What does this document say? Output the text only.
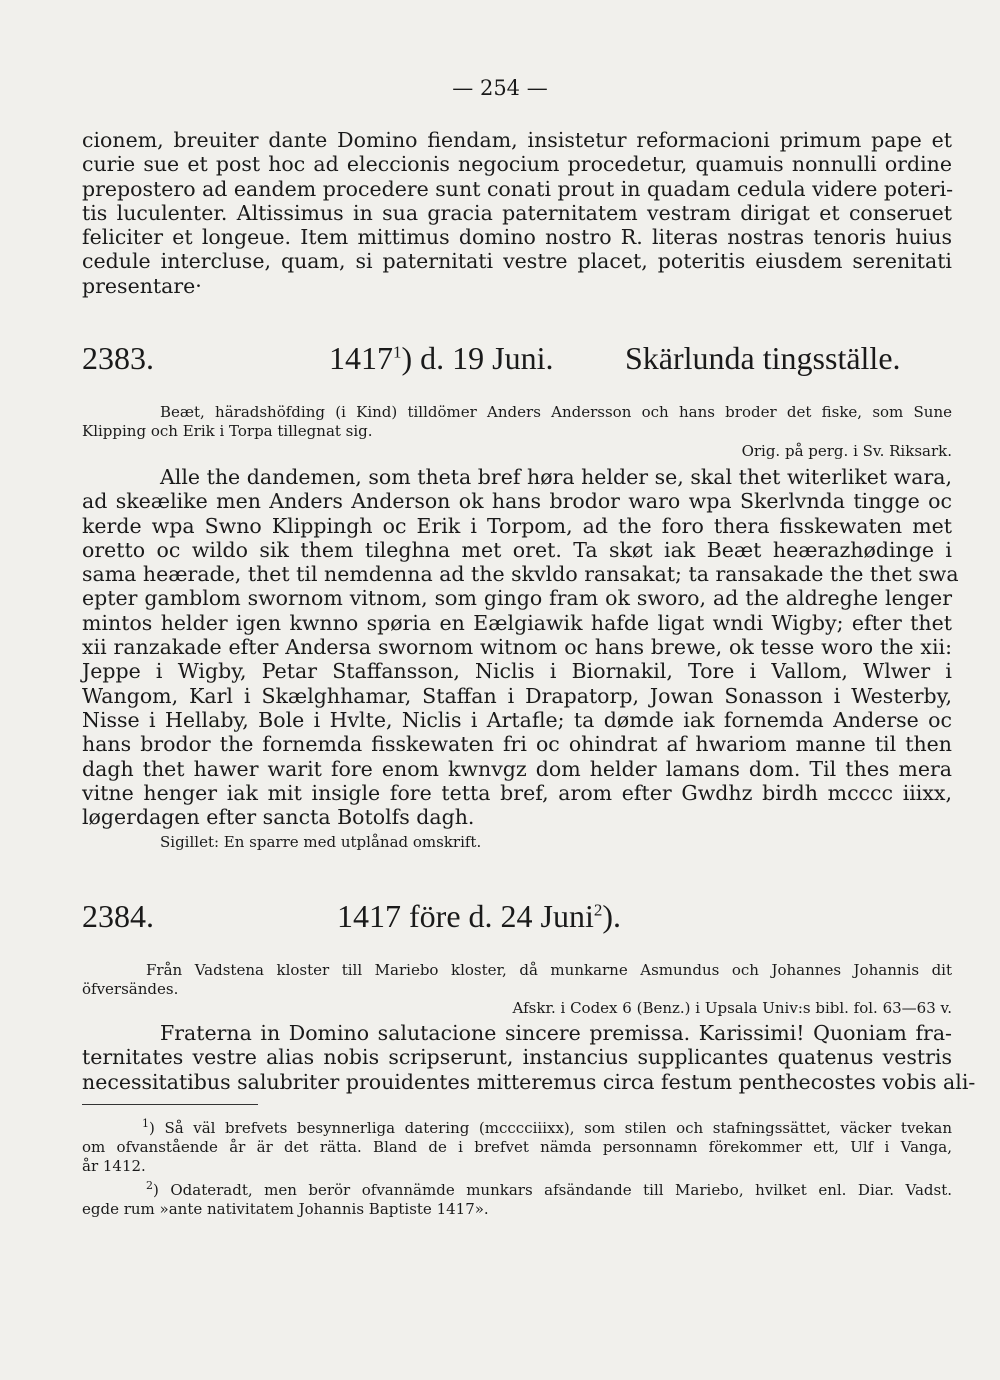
— 254 —
cionem, breuiter dante Domino fiendam, insistetur reformacioni primum pape et
curie sue et post hoc ad eleccionis negocium procedetur, quamuis nonnulli ordine
prepostero ad eandem procedere sunt conati prout in quadam cedula videre poteri-
tis luculenter. Altissimus in sua gracia paternitatem vestram dirigat et conseruet
feliciter et longeue. Item mittimus domino nostro R. literas nostras tenoris huius
cedule intercluse, quam, si paternitati vestre placet, poteritis eiusdem serenitati
presentare·
2383.	1417$^1$) d. 19 Juni. Skärlunda tingsställe.
Beæt, häradshöfding (i Kind) tilldömer Anders Andersson och hans broder det fiske, som Sune
Klipping och Erik i Torpa tillegnat sig.
Orig. på perg. i Sv. Riksark.
Alle the dandemen, som theta bref høra helder se, skal thet witerliket wara,
ad skeælike men Anders Anderson ok hans brodor waro wpa Skerlvnda tingge oc
kerde wpa Swno Klippingh oc Erik i Torpom, ad the foro thera fisskewaten met
oretto oc wildo sik them tileghna met oret. Ta skøt iak Beæt heærazhødinge i
sama heærade, thet til nemdenna ad the skvldo ransakat; ta ransakade the thet swa
epter gamblom swornom vitnom, som gingo fram ok sworo, ad the aldreghe lenger
mintos helder igen kwnno spøria en Eælgiawik hafde ligat wndi Wigby; efter thet
xii ranzakade efter Andersa swornom witnom oc hans brewe, ok tesse woro the xii:
Jeppe i Wigby, Petar Staffansson, Niclis i Biornakil, Tore i Vallom, Wlwer i
Wangom, Karl i Skælghhamar, Staffan i Drapatorp, Jowan Sonasson i Westerby,
Nisse i Hellaby, Bole i Hvlte, Niclis i Artafle; ta dømde iak fornemda Anderse oc
hans brodor the fornemda fisskewaten fri oc ohindrat af hwariom manne til then
dagh thet hawer warit fore enom kwnvgz dom helder lamans dom. Til thes mera
vitne henger iak mit insigle fore tetta bref, arom efter Gwdhz birdh mcccc iiixx,
løgerdagen efter sancta Botolfs dagh.
Sigillet: En sparre med utplånad omskrift.
2384.	1417 före d. 24 Juni$^2$).
Från Vadstena kloster till Mariebo kloster, då munkarne Asmundus och Johannes Johannis dit
öfversändes.
Afskr. i Codex 6 (Benz.) i Upsala Univ:s bibl. fol. 63—63 v.
Fraterna in Domino salutacione sincere premissa. Karissimi! Quoniam fra-
ternitates vestre alias nobis scripserunt, instancius supplicantes quatenus vestris
necessitatibus salubriter prouidentes mitteremus circa festum penthecostes vobis ali-
$^1$) Så väl brefvets besynnerliga datering (mcccciiixx), som stilen och stafningssättet, väcker tvekan
om ofvanstående år är det rätta. Bland de i brefvet nämda personnamn förekommer ett, Ulf i Vanga,
år 1412.
$^2$) Odateradt, men berör ofvannämde munkars afsändande till Mariebo, hvilket enl. Diar. Vadst.
egde rum »ante nativitatem Johannis Baptiste 1417».
